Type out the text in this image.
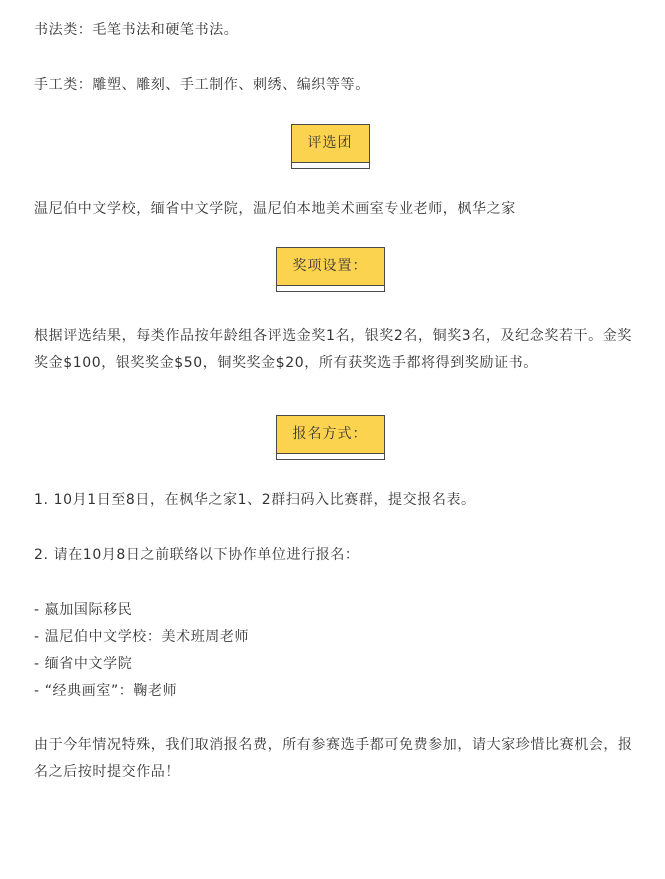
书法类：毛笔书法和硬笔书法。

手工类：雕塑、雕刻、手工制作、刺绣、编织等等。

评选团

温尼伯中文学校，缅省中文学院，温尼伯本地美术画室专业老师，枫华之家

奖项设置：

根据评选结果，每类作品按年龄组各评选金奖1名，银奖2名，铜奖3名，及纪念奖若干。金奖奖金$100，银奖奖金$50，铜奖奖金$20，所有获奖选手都将得到奖励证书。

报名方式：

1. 10月1日至8日，在枫华之家1、2群扫码入比赛群，提交报名表。

2. 请在10月8日之前联络以下协作单位进行报名：

- 嬴加国际移民

- 温尼伯中文学校：美术班周老师

- 缅省中文学院

- “经典画室”：鞠老师

由于今年情况特殊，我们取消报名费，所有参赛选手都可免费参加，请大家珍惜比赛机会，报名之后按时提交作品！
